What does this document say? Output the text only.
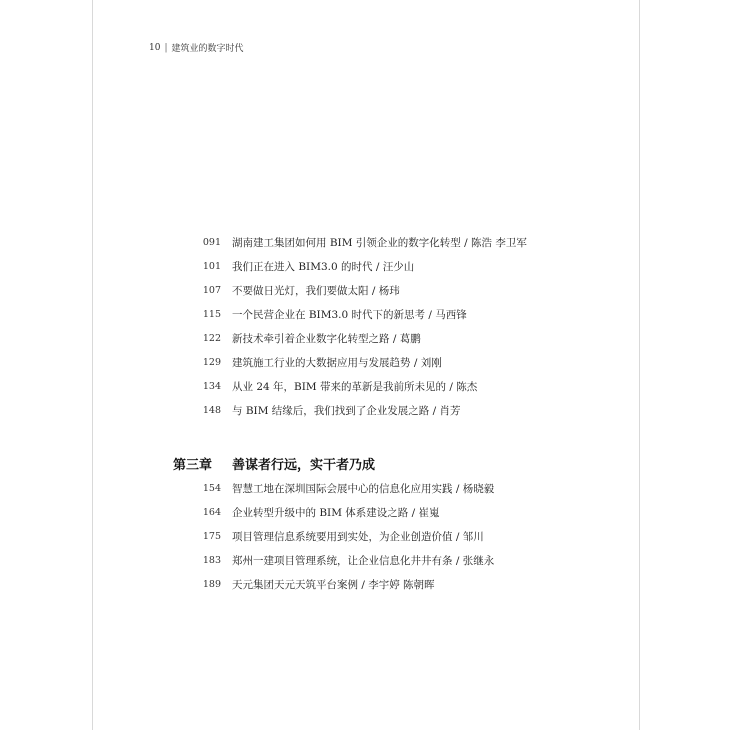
10 | 建筑业的数字时代
091 湖南建工集团如何用 BIM 引领企业的数字化转型 / 陈浩 李卫军
101 我们正在进入 BIM3.0 的时代 / 汪少山
107 不要做日光灯，我们要做太阳 / 杨玮
115 一个民营企业在 BIM3.0 时代下的新思考 / 马西锋
122 新技术牵引着企业数字化转型之路 / 葛鹏
129 建筑施工行业的大数据应用与发展趋势 / 刘刚
134 从业 24 年，BIM 带来的革新是我前所未见的 / 陈杰
148 与 BIM 结缘后，我们找到了企业发展之路 / 肖芳
第三章 善谋者行远，实干者乃成
154 智慧工地在深圳国际会展中心的信息化应用实践 / 杨晓毅
164 企业转型升级中的 BIM 体系建设之路 / 崔嵬
175 项目管理信息系统要用到实处，为企业创造价值 / 邹川
183 郑州一建项目管理系统，让企业信息化井井有条 / 张继永
189 天元集团天元天筑平台案例 / 李宇婷 陈朝晖
